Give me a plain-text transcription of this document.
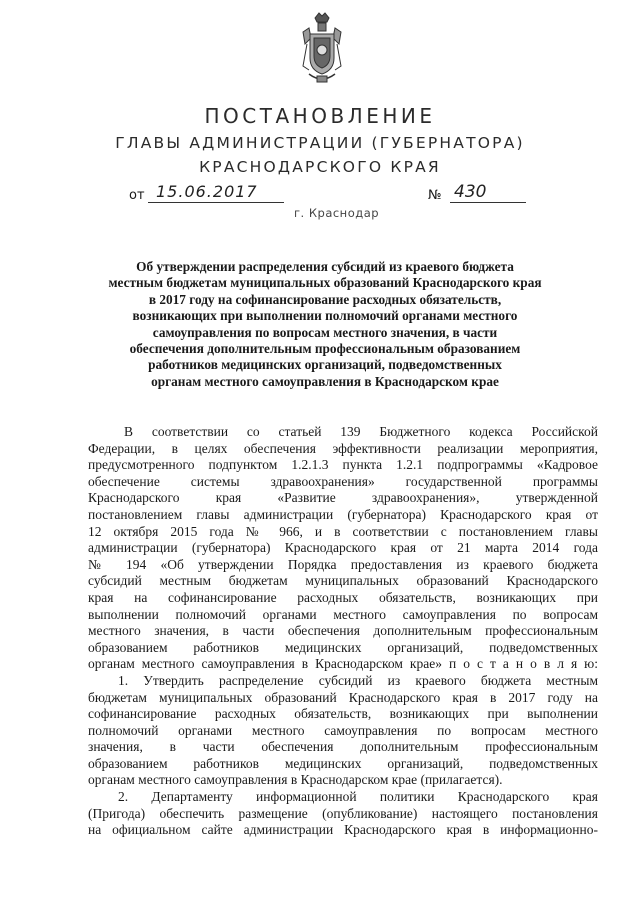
ПОСТАНОВЛЕНИЕ
ГЛАВЫ АДМИНИСТРАЦИИ (ГУБЕРНАТОРА)
КРАСНОДАРСКОГО КРАЯ
от 15.06.2017	№ 430
г. Краснодар
Об утверждении распределения субсидий из краевого бюджета
местным бюджетам муниципальных образований Краснодарского края
в 2017 году на софинансирование расходных обязательств,
возникающих при выполнении полномочий органами местного
самоуправления по вопросам местного значения, в части
обеспечения дополнительным профессиональным образованием
работников медицинских организаций, подведомственных
органам местного самоуправления в Краснодарском крае
В соответствии со статьей 139 Бюджетного кодекса Российской
Федерации, в целях обеспечения эффективности реализации мероприятия,
предусмотренного подпунктом 1.2.1.3 пункта 1.2.1 подпрограммы «Кадровое
обеспечение системы здравоохранения» государственной программы
Краснодарского края «Развитие здравоохранения», утвержденной
постановлением главы администрации (губернатора) Краснодарского края от
12 октября 2015 года № 966, и в соответствии с постановлением главы
администрации (губернатора) Краснодарского края от 21 марта 2014 года
№ 194 «Об утверждении Порядка предоставления из краевого бюджета
субсидий местным бюджетам муниципальных образований Краснодарского
края на софинансирование расходных обязательств, возникающих при
выполнении полномочий органами местного самоуправления по вопросам
местного значения, в части обеспечения дополнительным профессиональным
образованием работников медицинских организаций, подведомственных
органам местного самоуправления в Краснодарском крае» п о с т а н о в л я ю:
1. Утвердить распределение субсидий из краевого бюджета местным
бюджетам муниципальных образований Краснодарского края в 2017 году на
софинансирование расходных обязательств, возникающих при выполнении
полномочий органами местного самоуправления по вопросам местного
значения, в части обеспечения дополнительным профессиональным
образованием работников медицинских организаций, подведомственных
органам местного самоуправления в Краснодарском крае (прилагается).
2. Департаменту информационной политики Краснодарского края
(Пригода) обеспечить размещение (опубликование) настоящего постановления
на официальном сайте администрации Краснодарского края в информационно-
